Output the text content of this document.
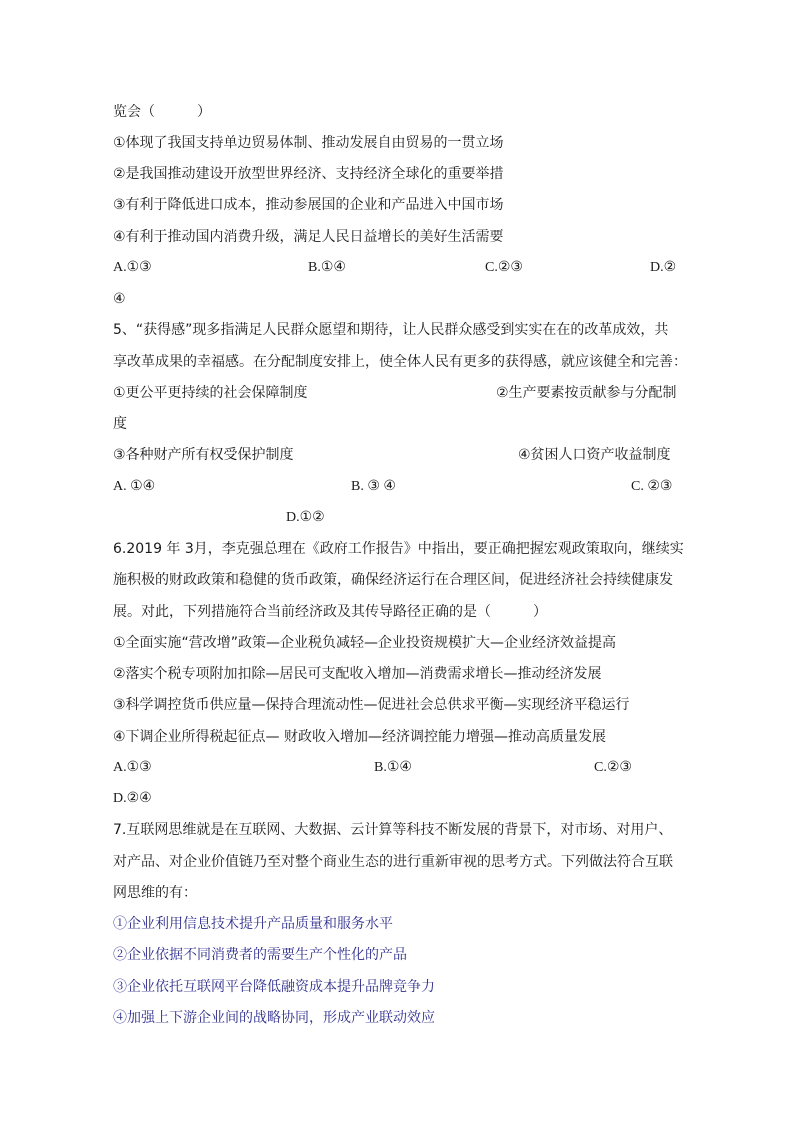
览会（　　　）
①体现了我国支持单边贸易体制、推动发展自由贸易的一贯立场
②是我国推动建设开放型世界经济、支持经济全球化的重要举措
③有利于降低进口成本，推动参展国的企业和产品进入中国市场
④有利于推动国内消费升级，满足人民日益增长的美好生活需要
A.①③	B.①④	C.②③	D.②
④
5、“获得感”现多指满足人民群众愿望和期待，让人民群众感受到实实在在的改革成效，共
享改革成果的幸福感。在分配制度安排上，使全体人民有更多的获得感，就应该健全和完善：
①更公平更持续的社会保障制度	②生产要素按贡献参与分配制
度
③各种财产所有权受保护制度	④贫困人口资产收益制度
A. ①④	B. ③ ④	C. ②③
D.①②
6.2019 年 3月，李克强总理在《政府工作报告》中指出，要正确把握宏观政策取向，继续实
施积极的财政政策和稳健的货币政策，确保经济运行在合理区间，促进经济社会持续健康发
展。对此，下列措施符合当前经济政及其传导路径正确的是（　　　）
①全面实施“营改增”政策—企业税负减轻—企业投资规模扩大—企业经济效益提高
②落实个税专项附加扣除—居民可支配收入增加—消费需求增长—推动经济发展
③科学调控货币供应量—保持合理流动性—促进社会总供求平衡—实现经济平稳运行
④下调企业所得税起征点— 财政收入增加—经济调控能力增强—推动高质量发展
A.①③	B.①④	C.②③
D.②④
7.互联网思维就是在互联网、大数据、云计算等科技不断发展的背景下，对市场、对用户、
对产品、对企业价值链乃至对整个商业生态的进行重新审视的思考方式。下列做法符合互联
网思维的有：
①企业利用信息技术提升产品质量和服务水平
②企业依据不同消费者的需要生产个性化的产品
③企业依托互联网平台降低融资成本提升品牌竞争力
④加强上下游企业间的战略协同，形成产业联动效应
